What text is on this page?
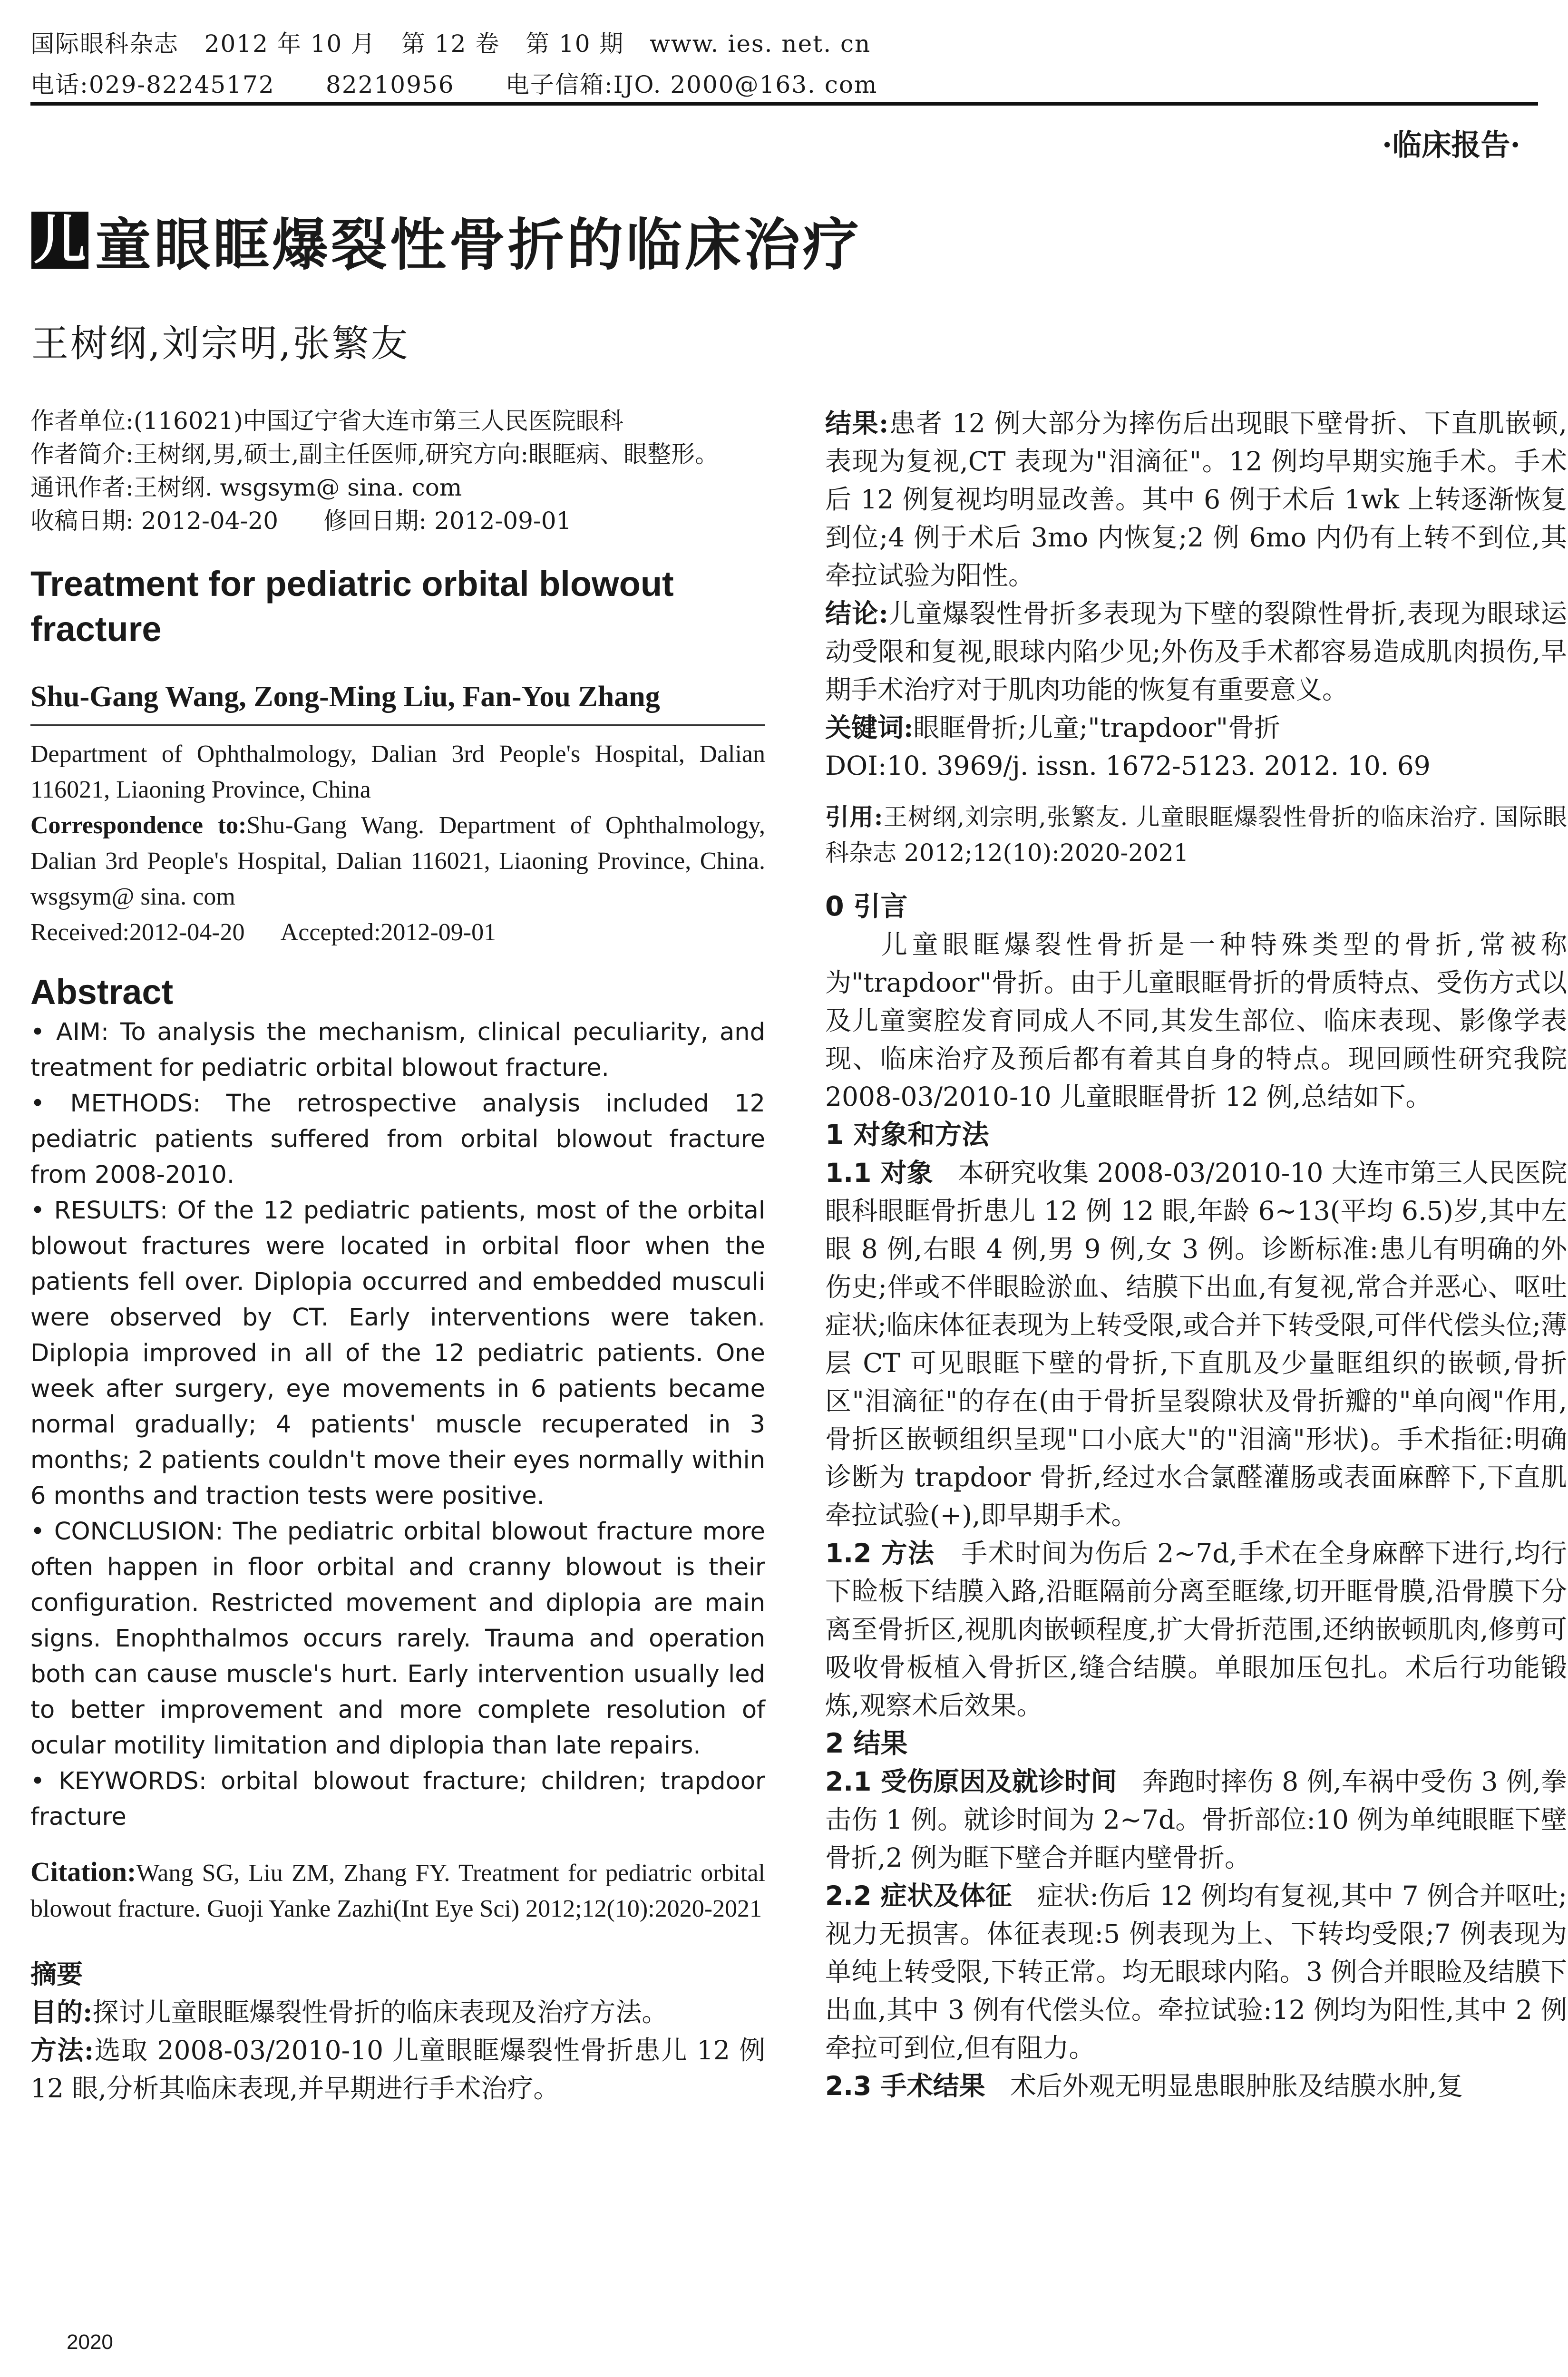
国际眼科杂志   2012 年 10 月   第 12 卷   第 10 期   www. ies. net. cn
电话:029-82245172      82210956      电子信箱:IJO. 2000@163. com
·临床报告·
儿 童眼眶爆裂性骨折的临床治疗
王树纲,刘宗明,张繁友

作者单位:(116021)中国辽宁省大连市第三人民医院眼科

作者简介:王树纲,男,硕士,副主任医师,研究方向:眼眶病、眼整形。

通讯作者:王树纲. wsgsym@ sina. com

收稿日期: 2012-04-20      修回日期: 2012-09-01

Treatment for pediatric orbital blowout fracture

Shu-Gang Wang, Zong-Ming Liu, Fan-You Zhang

Department of Ophthalmology, Dalian 3rd People's Hospital, Dalian 116021, Liaoning Province, China

Correspondence to:Shu-Gang Wang. Department of Ophthalmology, Dalian 3rd People's Hospital, Dalian 116021, Liaoning Province, China. wsgsym@ sina. com

Received:2012-04-20      Accepted:2012-09-01

Abstract

• AIM: To analysis the mechanism, clinical peculiarity, and treatment for pediatric orbital blowout fracture.

• METHODS: The retrospective analysis included 12 pediatric patients suffered from orbital blowout fracture from 2008-2010.

• RESULTS: Of the 12 pediatric patients, most of the orbital blowout fractures were located in orbital floor when the patients fell over. Diplopia occurred and embedded musculi were observed by CT. Early interventions were taken. Diplopia improved in all of the 12 pediatric patients. One week after surgery, eye movements in 6 patients became normal gradually; 4 patients' muscle recuperated in 3 months; 2 patients couldn't move their eyes normally within 6 months and traction tests were positive.

• CONCLUSION: The pediatric orbital blowout fracture more often happen in floor orbital and cranny blowout is their configuration. Restricted movement and diplopia are main signs. Enophthalmos occurs rarely. Trauma and operation both can cause muscle's hurt. Early intervention usually led to better improvement and more complete resolution of ocular motility limitation and diplopia than late repairs.

• KEYWORDS: orbital blowout fracture; children; trapdoor fracture

Citation:Wang SG, Liu ZM, Zhang FY. Treatment for pediatric orbital blowout fracture. Guoji Yanke Zazhi(Int Eye Sci) 2012;12(10):2020-2021

摘要

目的:探讨儿童眼眶爆裂性骨折的临床表现及治疗方法。

方法:选取 2008-03/2010-10 儿童眼眶爆裂性骨折患儿 12 例 12 眼,分析其临床表现,并早期进行手术治疗。

结果:患者 12 例大部分为摔伤后出现眼下壁骨折、下直肌嵌顿,表现为复视,CT 表现为"泪滴征"。12 例均早期实施手术。手术后 12 例复视均明显改善。其中 6 例于术后 1wk 上转逐渐恢复到位;4 例于术后 3mo 内恢复;2 例 6mo 内仍有上转不到位,其牵拉试验为阳性。

结论:儿童爆裂性骨折多表现为下壁的裂隙性骨折,表现为眼球运动受限和复视,眼球内陷少见;外伤及手术都容易造成肌肉损伤,早期手术治疗对于肌肉功能的恢复有重要意义。

关键词:眼眶骨折;儿童;"trapdoor"骨折

DOI:10. 3969/j. issn. 1672-5123. 2012. 10. 69

引用:王树纲,刘宗明,张繁友. 儿童眼眶爆裂性骨折的临床治疗. 国际眼科杂志 2012;12(10):2020-2021

0 引言

儿童眼眶爆裂性骨折是一种特殊类型的骨折,常被称为"trapdoor"骨折。由于儿童眼眶骨折的骨质特点、受伤方式以及儿童窦腔发育同成人不同,其发生部位、临床表现、影像学表现、临床治疗及预后都有着其自身的特点。现回顾性研究我院 2008-03/2010-10 儿童眼眶骨折 12 例,总结如下。

1 对象和方法

1.1 对象 本研究收集 2008-03/2010-10 大连市第三人民医院眼科眼眶骨折患儿 12 例 12 眼,年龄 6~13(平均 6.5)岁,其中左眼 8 例,右眼 4 例,男 9 例,女 3 例。诊断标准:患儿有明确的外伤史;伴或不伴眼睑淤血、结膜下出血,有复视,常合并恶心、呕吐症状;临床体征表现为上转受限,或合并下转受限,可伴代偿头位;薄层 CT 可见眼眶下壁的骨折,下直肌及少量眶组织的嵌顿,骨折区"泪滴征"的存在(由于骨折呈裂隙状及骨折瓣的"单向阀"作用,骨折区嵌顿组织呈现"口小底大"的"泪滴"形状)。手术指征:明确诊断为 trapdoor 骨折,经过水合氯醛灌肠或表面麻醉下,下直肌牵拉试验(+),即早期手术。

1.2 方法 手术时间为伤后 2~7d,手术在全身麻醉下进行,均行下睑板下结膜入路,沿眶隔前分离至眶缘,切开眶骨膜,沿骨膜下分离至骨折区,视肌肉嵌顿程度,扩大骨折范围,还纳嵌顿肌肉,修剪可吸收骨板植入骨折区,缝合结膜。单眼加压包扎。术后行功能锻炼,观察术后效果。

2 结果

2.1 受伤原因及就诊时间 奔跑时摔伤 8 例,车祸中受伤 3 例,拳击伤 1 例。就诊时间为 2~7d。骨折部位:10 例为单纯眼眶下壁骨折,2 例为眶下壁合并眶内壁骨折。

2.2 症状及体征 症状:伤后 12 例均有复视,其中 7 例合并呕吐;视力无损害。体征表现:5 例表现为上、下转均受限;7 例表现为单纯上转受限,下转正常。均无眼球内陷。3 例合并眼睑及结膜下出血,其中 3 例有代偿头位。牵拉试验:12 例均为阳性,其中 2 例牵拉可到位,但有阻力。

2.3 手术结果 术后外观无明显患眼肿胀及结膜水肿,复

2020
